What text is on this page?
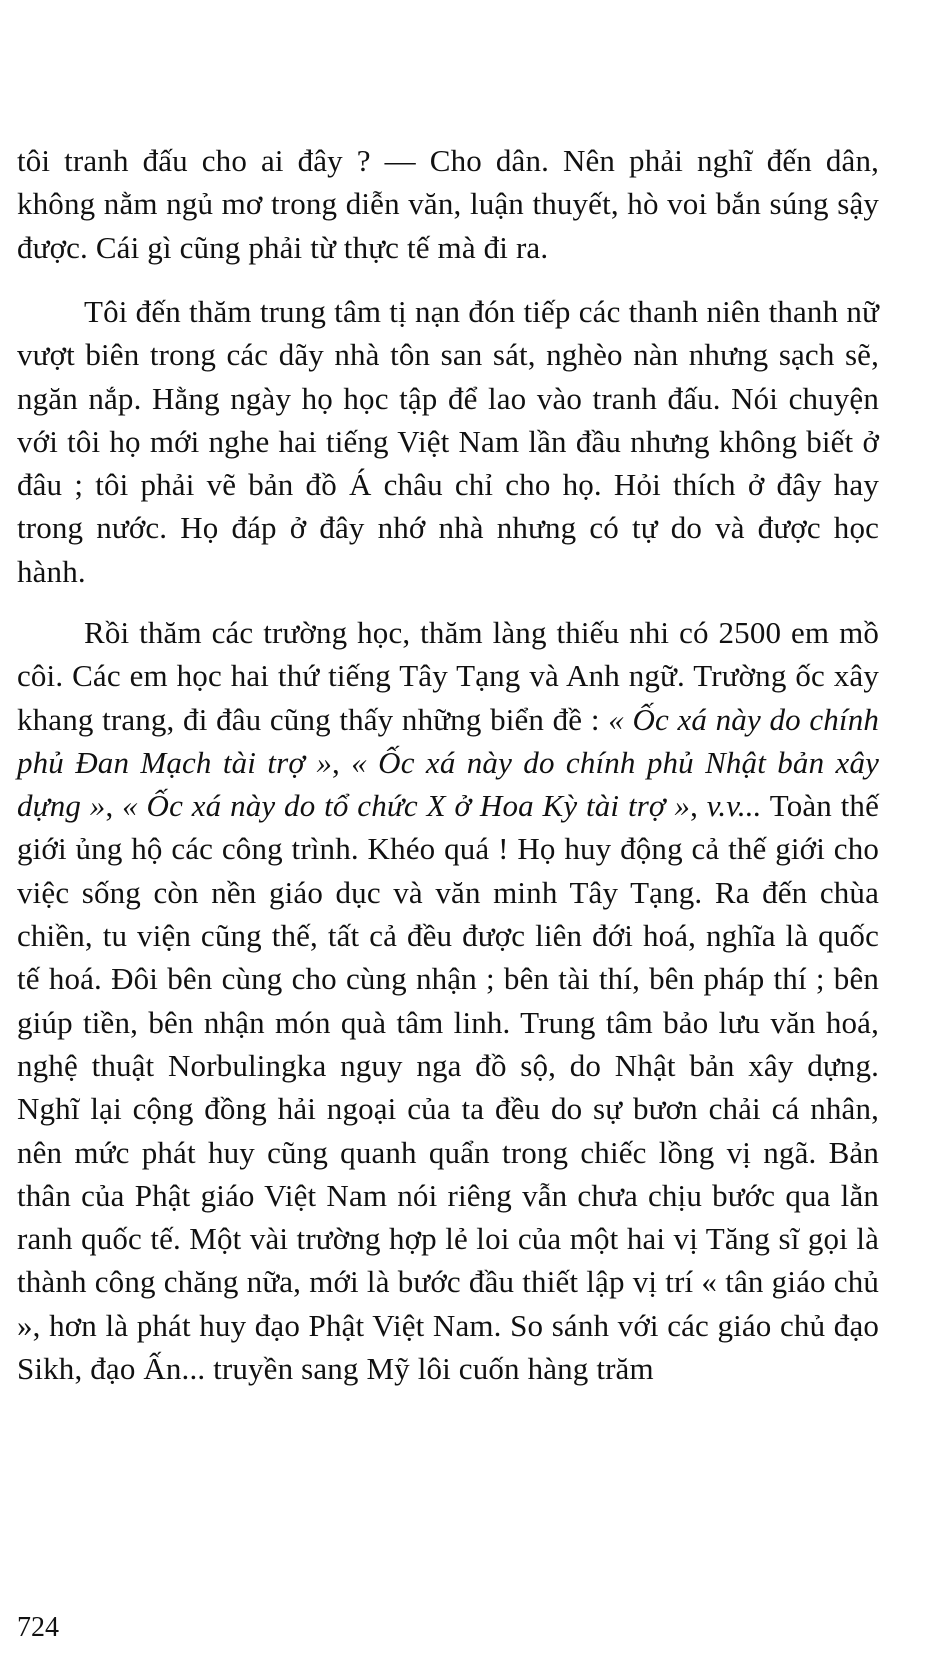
tôi tranh đấu cho ai đây ? — Cho dân. Nên phải nghĩ đến dân, không nằm ngủ mơ trong diễn văn, luận thuyết, hò voi bắn súng sậy được. Cái gì cũng phải từ thực tế mà đi ra.

Tôi đến thăm trung tâm tị nạn đón tiếp các thanh niên thanh nữ vượt biên trong các dãy nhà tôn san sát, nghèo nàn nhưng sạch sẽ, ngăn nắp. Hằng ngày họ học tập để lao vào tranh đấu. Nói chuyện với tôi họ mới nghe hai tiếng Việt Nam lần đầu nhưng không biết ở đâu ; tôi phải vẽ bản đồ Á châu chỉ cho họ. Hỏi thích ở đây hay trong nước. Họ đáp ở đây nhớ nhà nhưng có tự do và được học hành.

Rồi thăm các trường học, thăm làng thiếu nhi có 2500 em mồ côi. Các em học hai thứ tiếng Tây Tạng và Anh ngữ. Trường ốc xây khang trang, đi đâu cũng thấy những biển đề : « Ốc xá này do chính phủ Đan Mạch tài trợ », « Ốc xá này do chính phủ Nhật bản xây dựng », « Ốc xá này do tổ chức X ở Hoa Kỳ tài trợ », v.v... Toàn thế giới ủng hộ các công trình. Khéo quá ! Họ huy động cả thế giới cho việc sống còn nền giáo dục và văn minh Tây Tạng. Ra đến chùa chiền, tu viện cũng thế, tất cả đều được liên đới hoá, nghĩa là quốc tế hoá. Đôi bên cùng cho cùng nhận ; bên tài thí, bên pháp thí ; bên giúp tiền, bên nhận món quà tâm linh. Trung tâm bảo lưu văn hoá, nghệ thuật Norbulingka nguy nga đồ sộ, do Nhật bản xây dựng. Nghĩ lại cộng đồng hải ngoại của ta đều do sự bươn chải cá nhân, nên mức phát huy cũng quanh quẩn trong chiếc lồng vị ngã. Bản thân của Phật giáo Việt Nam nói riêng vẫn chưa chịu bước qua lằn ranh quốc tế. Một vài trường hợp lẻ loi của một hai vị Tăng sĩ gọi là thành công chăng nữa, mới là bước đầu thiết lập vị trí « tân giáo chủ », hơn là phát huy đạo Phật Việt Nam. So sánh với các giáo chủ đạo Sikh, đạo Ấn... truyền sang Mỹ lôi cuốn hàng trăm

724
